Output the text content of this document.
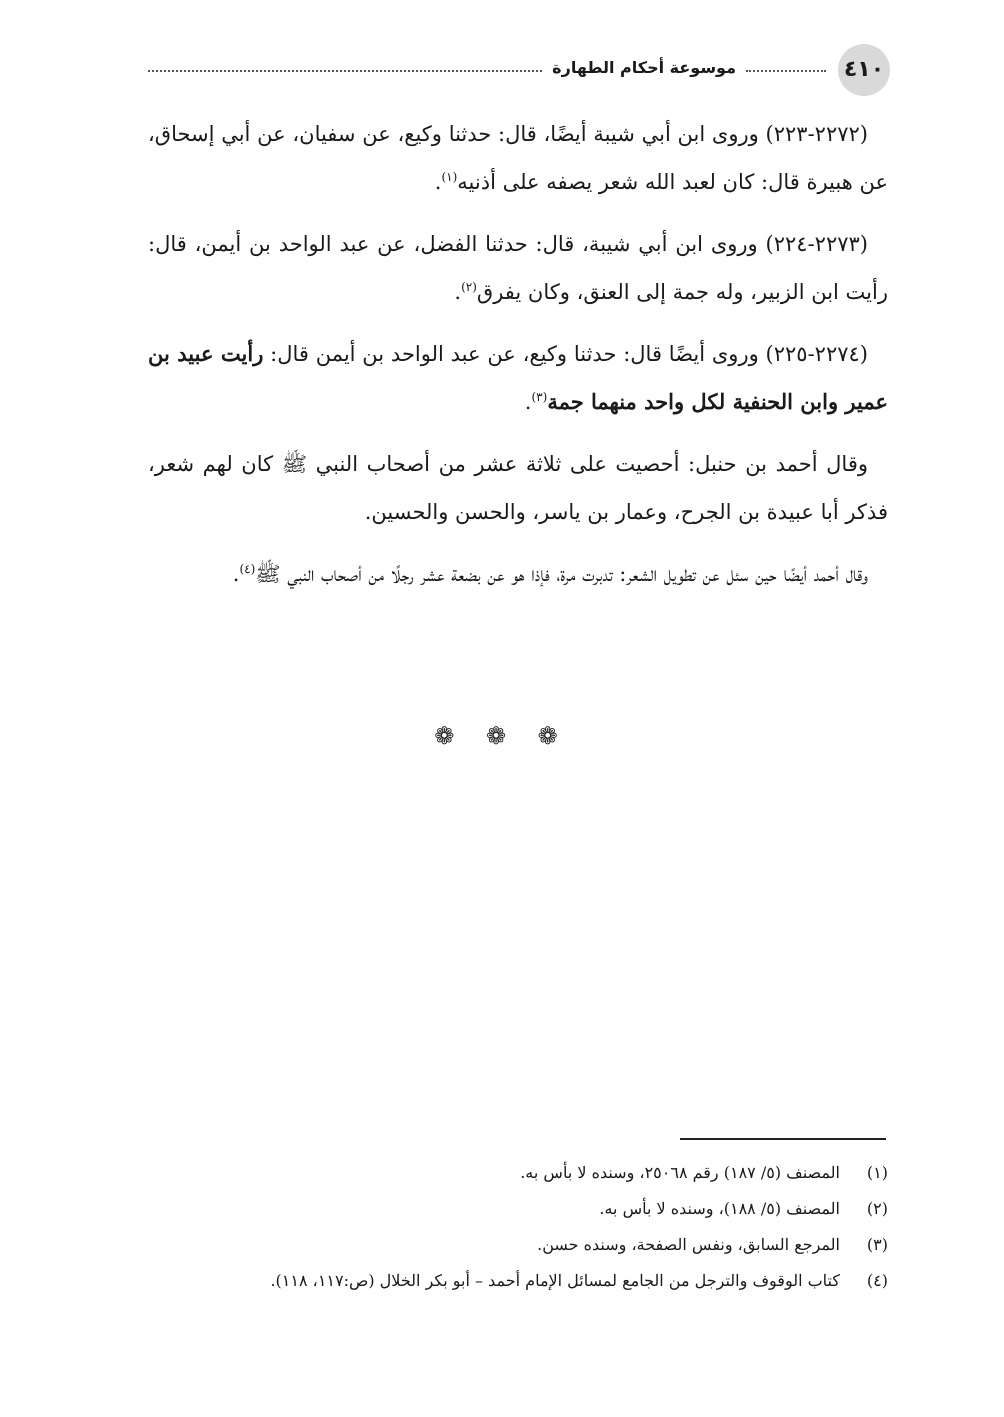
٤١٠
موسوعة أحكام الطهارة

(٢٢٧٢-٢٢٣) وروى ابن أبي شيبة أيضًا، قال: حدثنا وكيع، عن سفيان، عن أبي إسحاق، عن هبيرة قال: كان لعبد الله شعر يصفه على أذنيه$^{(١)}$.

(٢٢٧٣-٢٢٤) وروى ابن أبي شيبة، قال: حدثنا الفضل، عن عبد الواحد بن أيمن، قال: رأيت ابن الزبير، وله جمة إلى العنق، وكان يفرق$^{(٢)}$.

(٢٢٧٤-٢٢٥) وروى أيضًا قال: حدثنا وكيع، عن عبد الواحد بن أيمن قال: رأيت عبيد بن عمير وابن الحنفية لكل واحد منهما جمة$^{(٣)}$.

وقال أحمد بن حنبل: أحصيت على ثلاثة عشر من أصحاب النبي ﷺ كان لهم شعر، فذكر أبا عبيدة بن الجرح، وعمار بن ياسر، والحسن والحسين.

وقال أحمد أيضًا حين سئل عن تطويل الشعر: تدبرت مرة، فإذا هو عن بضعة عشر رجلًا من أصحاب النبي ﷺ$^{(٤)}$.

❁ ❁ ❁
(١)
المصنف (٥/ ١٨٧) رقم ٢٥٠٦٨، وسنده لا بأس به.
(٢)
المصنف (٥/ ١٨٨)، وسنده لا بأس به.
(٣)
المرجع السابق، ونفس الصفحة، وسنده حسن.
(٤)
كتاب الوقوف والترجل من الجامع لمسائل الإمام أحمد – أبو بكر الخلال (ص:١١٧، ١١٨).
